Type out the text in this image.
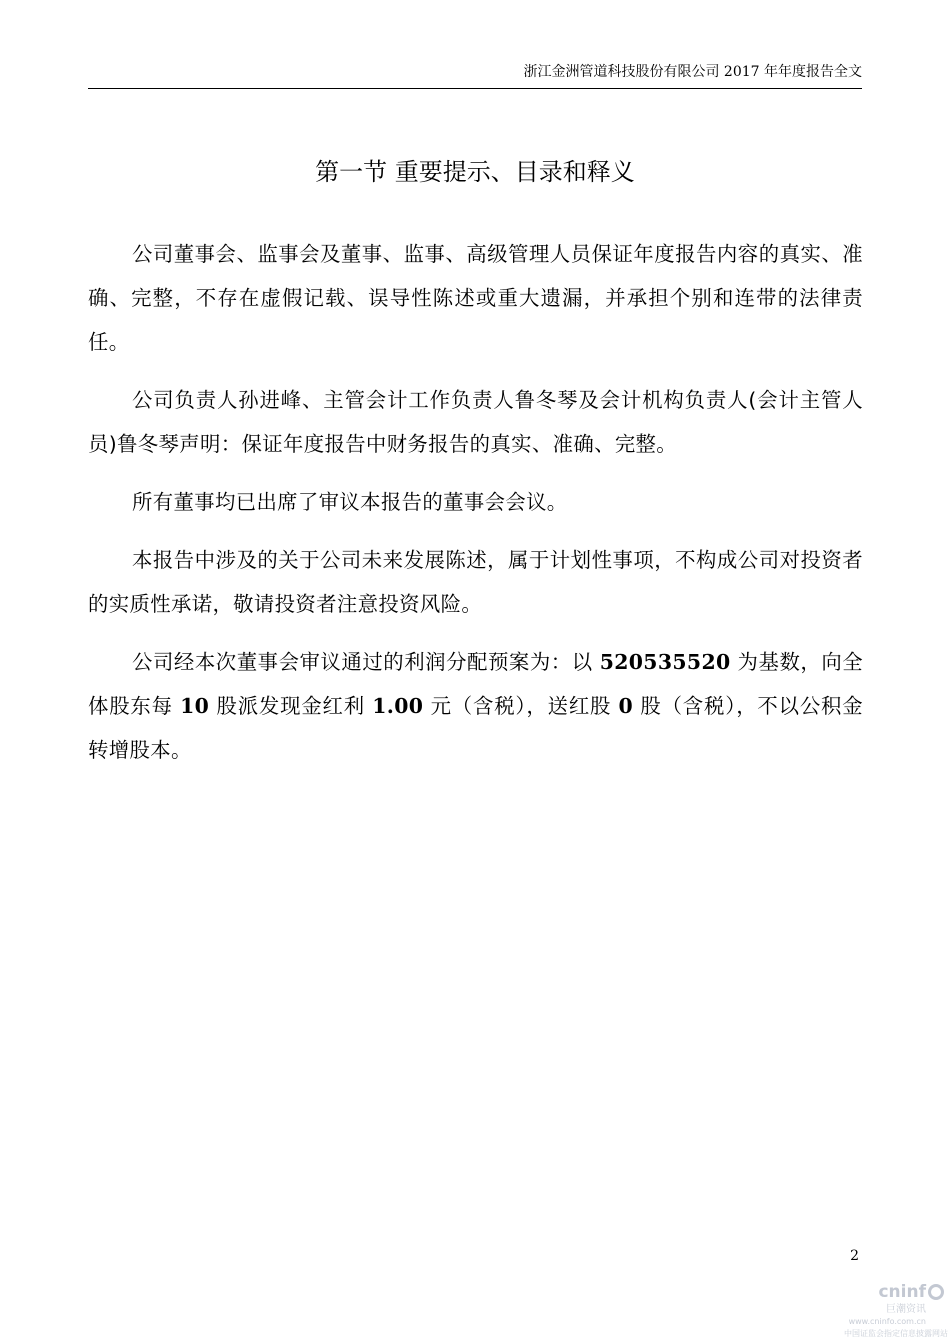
浙江金洲管道科技股份有限公司 2017 年年度报告全文
第一节 重要提示、目录和释义

公司董事会、监事会及董事、监事、高级管理人员保证年度报告内容的真实、准确、完整，不存在虚假记载、误导性陈述或重大遗漏，并承担个别和连带的法律责任。

公司负责人孙进峰、主管会计工作负责人鲁冬琴及会计机构负责人(会计主管人员)鲁冬琴声明：保证年度报告中财务报告的真实、准确、完整。

所有董事均已出席了审议本报告的董事会会议。

本报告中涉及的关于公司未来发展陈述，属于计划性事项，不构成公司对投资者的实质性承诺，敬请投资者注意投资风险。

公司经本次董事会审议通过的利润分配预案为：以 520535520 为基数，向全体股东每 10 股派发现金红利 1.00 元（含税），送红股 0 股（含税），不以公积金转增股本。

2
cninf
巨潮资讯
www.cninfo.com.cn
中国证监会指定信息披露网站
